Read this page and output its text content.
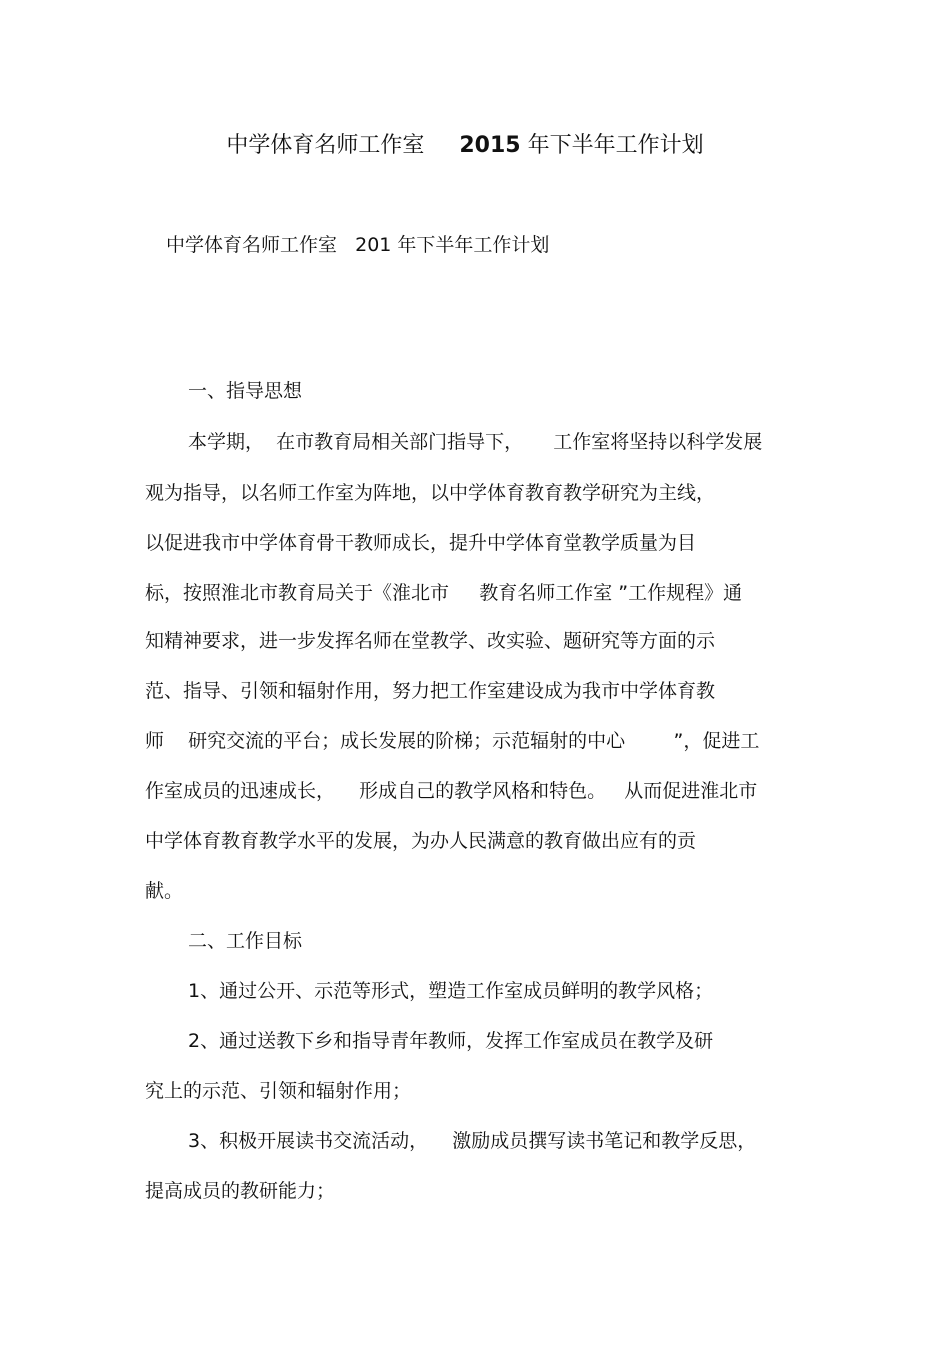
中学体育名师工作室 2015 年下半年工作计划
中学体育名师工作室   201 年下半年工作计划
一、指导思想
本学期，  在市教育局相关部门指导下，     工作室将坚持以科学发展
观为指导，以名师工作室为阵地，以中学体育教育教学研究为主线，
以促进我市中学体育骨干教师成长，提升中学体育堂教学质量为目
标，按照淮北市教育局关于《淮北市     教育名师工作室 ”工作规程》通
知精神要求，进一步发挥名师在堂教学、改实验、题研究等方面的示
范、指导、引领和辐射作用，努力把工作室建设成为我市中学体育教
师    研究交流的平台；成长发展的阶梯；示范辐射的中心        ”，促进工
作室成员的迅速成长，    形成自己的教学风格和特色。   从而促进淮北市
中学体育教育教学水平的发展，为办人民满意的教育做出应有的贡
献。
二、工作目标
1、通过公开、示范等形式，塑造工作室成员鲜明的教学风格；
2、通过送教下乡和指导青年教师，发挥工作室成员在教学及研
究上的示范、引领和辐射作用；
3、积极开展读书交流活动，    激励成员撰写读书笔记和教学反思，
提高成员的教研能力；
